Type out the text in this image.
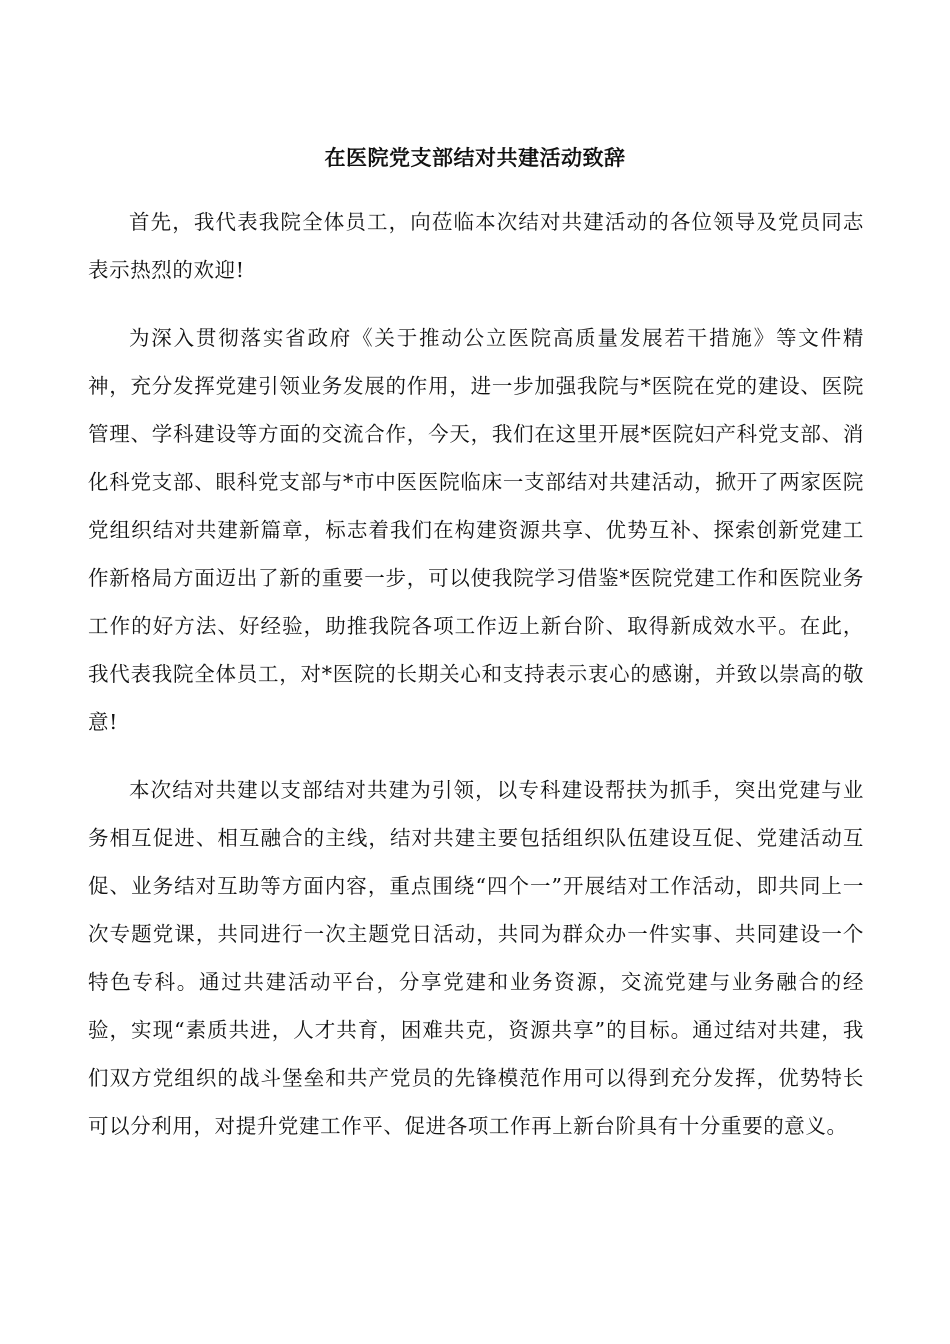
在医院党支部结对共建活动致辞

首先，我代表我院全体员工，向莅临本次结对共建活动的各位领导及党员同志表示热烈的欢迎!

为深入贯彻落实省政府《关于推动公立医院高质量发展若干措施》等文件精神，充分发挥党建引领业务发展的作用，进一步加强我院与*医院在党的建设、医院管理、学科建设等方面的交流合作，今天，我们在这里开展*医院妇产科党支部、消化科党支部、眼科党支部与*市中医医院临床一支部结对共建活动，掀开了两家医院党组织结对共建新篇章，标志着我们在构建资源共享、优势互补、探索创新党建工作新格局方面迈出了新的重要一步，可以使我院学习借鉴*医院党建工作和医院业务工作的好方法、好经验，助推我院各项工作迈上新台阶、取得新成效水平。在此，我代表我院全体员工，对*医院的长期关心和支持表示衷心的感谢，并致以崇高的敬意!

本次结对共建以支部结对共建为引领，以专科建设帮扶为抓手，突出党建与业务相互促进、相互融合的主线，结对共建主要包括组织队伍建设互促、党建活动互促、业务结对互助等方面内容，重点围绕“四个一”开展结对工作活动，即共同上一次专题党课，共同进行一次主题党日活动，共同为群众办一件实事、共同建设一个特色专科。通过共建活动平台，分享党建和业务资源，交流党建与业务融合的经验，实现“素质共进，人才共育，困难共克，资源共享”的目标。通过结对共建，我们双方党组织的战斗堡垒和共产党员的先锋模范作用可以得到充分发挥，优势特长可以分利用，对提升党建工作平、促进各项工作再上新台阶具有十分重要的意义。
